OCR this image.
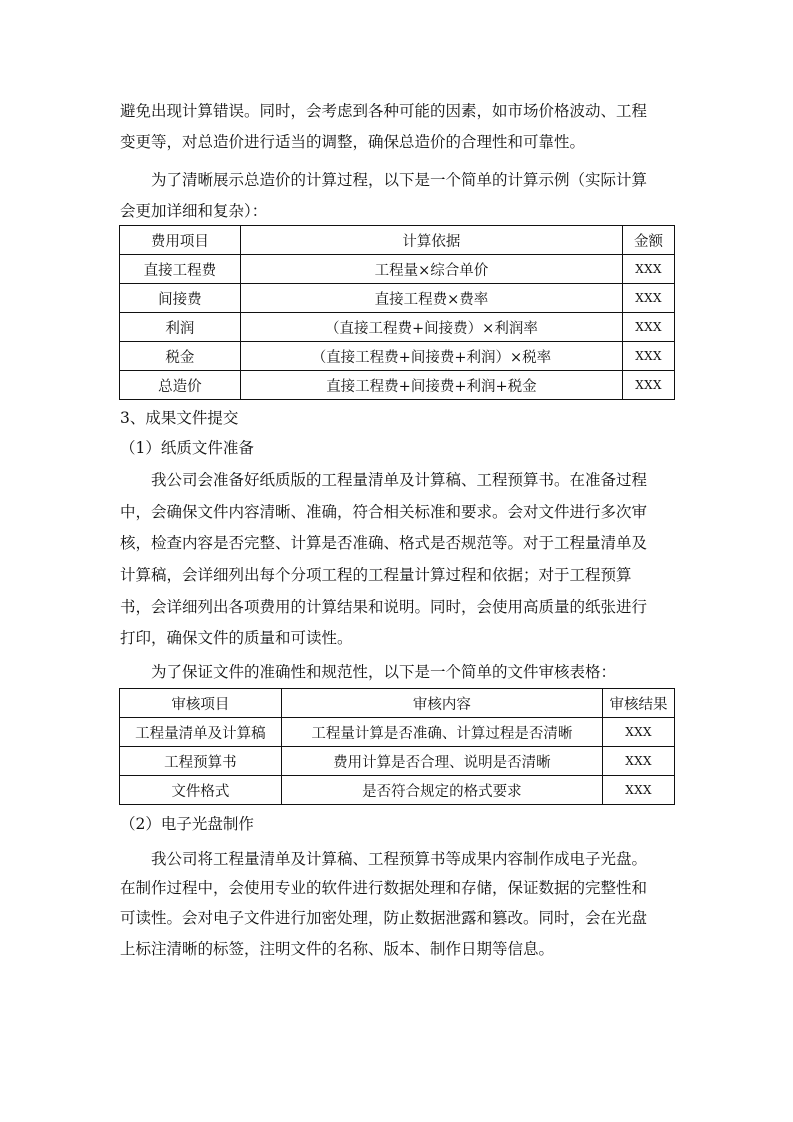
避免出现计算错误。同时，会考虑到各种可能的因素，如市场价格波动、工程

变更等，对总造价进行适当的调整，确保总造价的合理性和可靠性。

为了清晰展示总造价的计算过程，以下是一个简单的计算示例（实际计算

会更加详细和复杂）：

费用项目	计算依据	金额
直接工程费	工程量×综合单价	XXX
间接费	直接工程费×费率	XXX
利润	（直接工程费+间接费）×利润率	XXX
税金	（直接工程费+间接费+利润）×税率	XXX
总造价	直接工程费+间接费+利润+税金	XXX

3、成果文件提交

（1）纸质文件准备

我公司会准备好纸质版的工程量清单及计算稿、工程预算书。在准备过程

中，会确保文件内容清晰、准确，符合相关标准和要求。会对文件进行多次审

核，检查内容是否完整、计算是否准确、格式是否规范等。对于工程量清单及

计算稿，会详细列出每个分项工程的工程量计算过程和依据；对于工程预算

书，会详细列出各项费用的计算结果和说明。同时，会使用高质量的纸张进行

打印，确保文件的质量和可读性。

为了保证文件的准确性和规范性，以下是一个简单的文件审核表格：

审核项目	审核内容	审核结果
工程量清单及计算稿	工程量计算是否准确、计算过程是否清晰	XXX
工程预算书	费用计算是否合理、说明是否清晰	XXX
文件格式	是否符合规定的格式要求	XXX

（2）电子光盘制作

我公司将工程量清单及计算稿、工程预算书等成果内容制作成电子光盘。

在制作过程中，会使用专业的软件进行数据处理和存储，保证数据的完整性和

可读性。会对电子文件进行加密处理，防止数据泄露和篡改。同时，会在光盘

上标注清晰的标签，注明文件的名称、版本、制作日期等信息。
